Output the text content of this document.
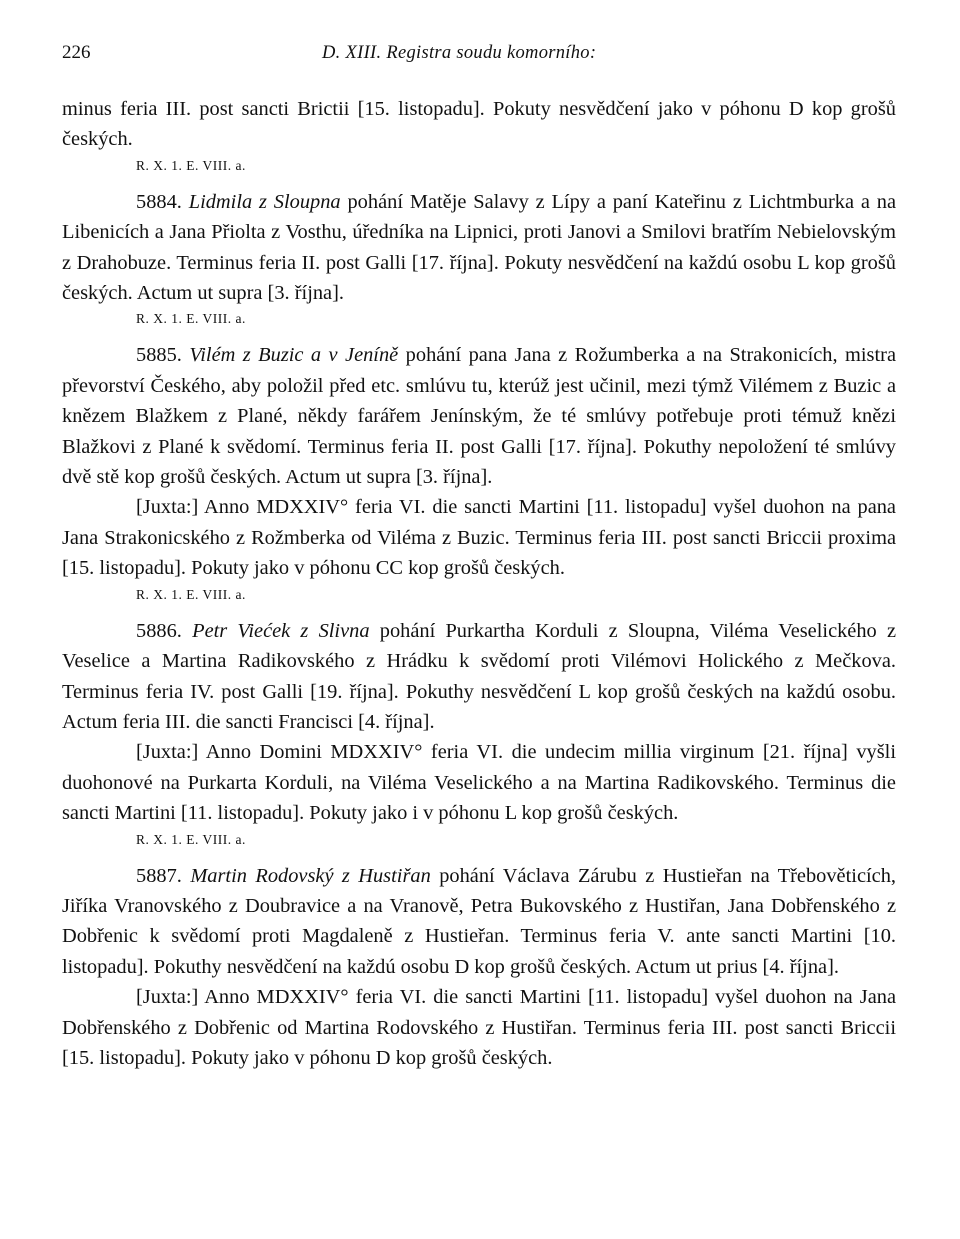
226	D. XIII. Registra soudu komorního:

minus feria III. post sancti Brictii [15. listopadu]. Pokuty nesvědčení jako v póhonu D kop grošů českých.

R. X. 1. E. VIII. a.

5884. Lidmila z Sloupna pohání Matěje Salavy z Lípy a paní Kateřinu z Lichtmburka a na Libenicích a Jana Přiolta z Vosthu, úředníka na Lipnici, proti Janovi a Smilovi bratřím Nebielovským z Drahobuze. Terminus feria II. post Galli [17. října]. Pokuty nesvědčení na každú osobu L kop grošů českých. Actum ut supra [3. října].

R. X. 1. E. VIII. a.

5885. Vilém z Buzic a v Jeníně pohání pana Jana z Rožumberka a na Strakonicích, mistra převorství Českého, aby položil před etc. smlúvu tu, kterúž jest učinil, mezi týmž Vilémem z Buzic a knězem Blažkem z Plané, někdy farářem Jenínským, že té smlúvy potřebuje proti témuž knězi Blažkovi z Plané k svědomí. Terminus feria II. post Galli [17. října]. Pokuthy nepoložení té smlúvy dvě stě kop grošů českých. Actum ut supra [3. října].

[Juxta:] Anno MDXXIV° feria VI. die sancti Martini [11. listopadu] vyšel duohon na pana Jana Strakonicského z Rožmberka od Viléma z Buzic. Terminus feria III. post sancti Briccii proxima [15. listopadu]. Pokuty jako v póhonu CC kop grošů českých.

R. X. 1. E. VIII. a.

5886. Petr Viećek z Slivna pohání Purkartha Korduli z Sloupna, Viléma Veselického z Veselice a Martina Radikovského z Hrádku k svědomí proti Vilémovi Holického z Mečkova. Terminus feria IV. post Galli [19. října]. Pokuthy nesvědčení L kop grošů českých na každú osobu. Actum feria III. die sancti Francisci [4. října].

[Juxta:] Anno Domini MDXXIV° feria VI. die undecim millia virginum [21. října] vyšli duohonové na Purkarta Korduli, na Viléma Veselického a na Martina Radikovského. Terminus die sancti Martini [11. listopadu]. Pokuty jako i v póhonu L kop grošů českých.

R. X. 1. E. VIII. a.

5887. Martin Rodovský z Hustiřan pohání Václava Zárubu z Hustieřan na Třebověticích, Jiříka Vranovského z Doubravice a na Vranově, Petra Bukovského z Hustiřan, Jana Dobřenského z Dobřenic k svědomí proti Magdaleně z Hustieřan. Terminus feria V. ante sancti Martini [10. listopadu]. Pokuthy nesvědčení na každú osobu D kop grošů českých. Actum ut prius [4. října].

[Juxta:] Anno MDXXIV° feria VI. die sancti Martini [11. listopadu] vyšel duohon na Jana Dobřenského z Dobřenic od Martina Rodovského z Hustiřan. Terminus feria III. post sancti Briccii [15. listopadu]. Pokuty jako v póhonu D kop grošů českých.
